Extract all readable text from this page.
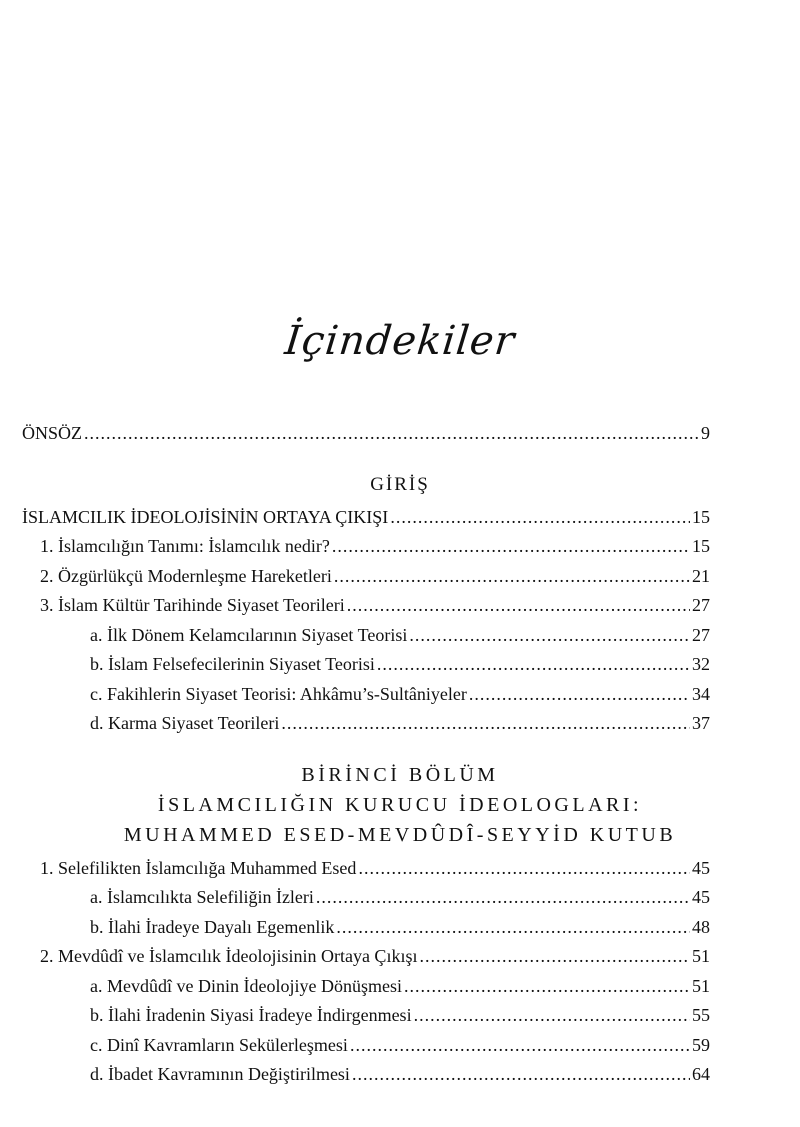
İçindekiler
ÖNSÖZ .....	9
GİRİŞ
İSLAMCILIK İDEOLOJİSİNİN ORTAYA ÇIKIŞI .....	15
1. İslamcılığın Tanımı: İslamcılık nedir? .....	15
2. Özgürlükçü Modernleşme Hareketleri .....	21
3. İslam Kültür Tarihinde Siyaset Teorileri .....	27
a. İlk Dönem Kelamcılarının Siyaset Teorisi .....	27
b. İslam Felsefecilerinin Siyaset Teorisi .....	32
c. Fakihlerin Siyaset Teorisi: Ahkâmu’s-Sultâniyeler .....	34
d. Karma Siyaset Teorileri .....	37
BİRİNCİ BÖLÜM
İSLAMCILIĞIN KURUCU İDEOLOGLARI:
MUHAMMED ESED-MEVDÛDÎ-SEYYİD KUTUB
1. Selefilikten İslamcılığa Muhammed Esed .....	45
a. İslamcılıkta Selefiliğin İzleri .....	45
b. İlahi İradeye Dayalı Egemenlik .....	48
2. Mevdûdî ve İslamcılık İdeolojisinin Ortaya Çıkışı .....	51
a. Mevdûdî ve Dinin İdeolojiye Dönüşmesi .....	51
b. İlahi İradenin Siyasi İradeye İndirgenmesi .....	55
c. Dinî Kavramların Sekülerleşmesi .....	59
d. İbadet Kavramının Değiştirilmesi .....	64
